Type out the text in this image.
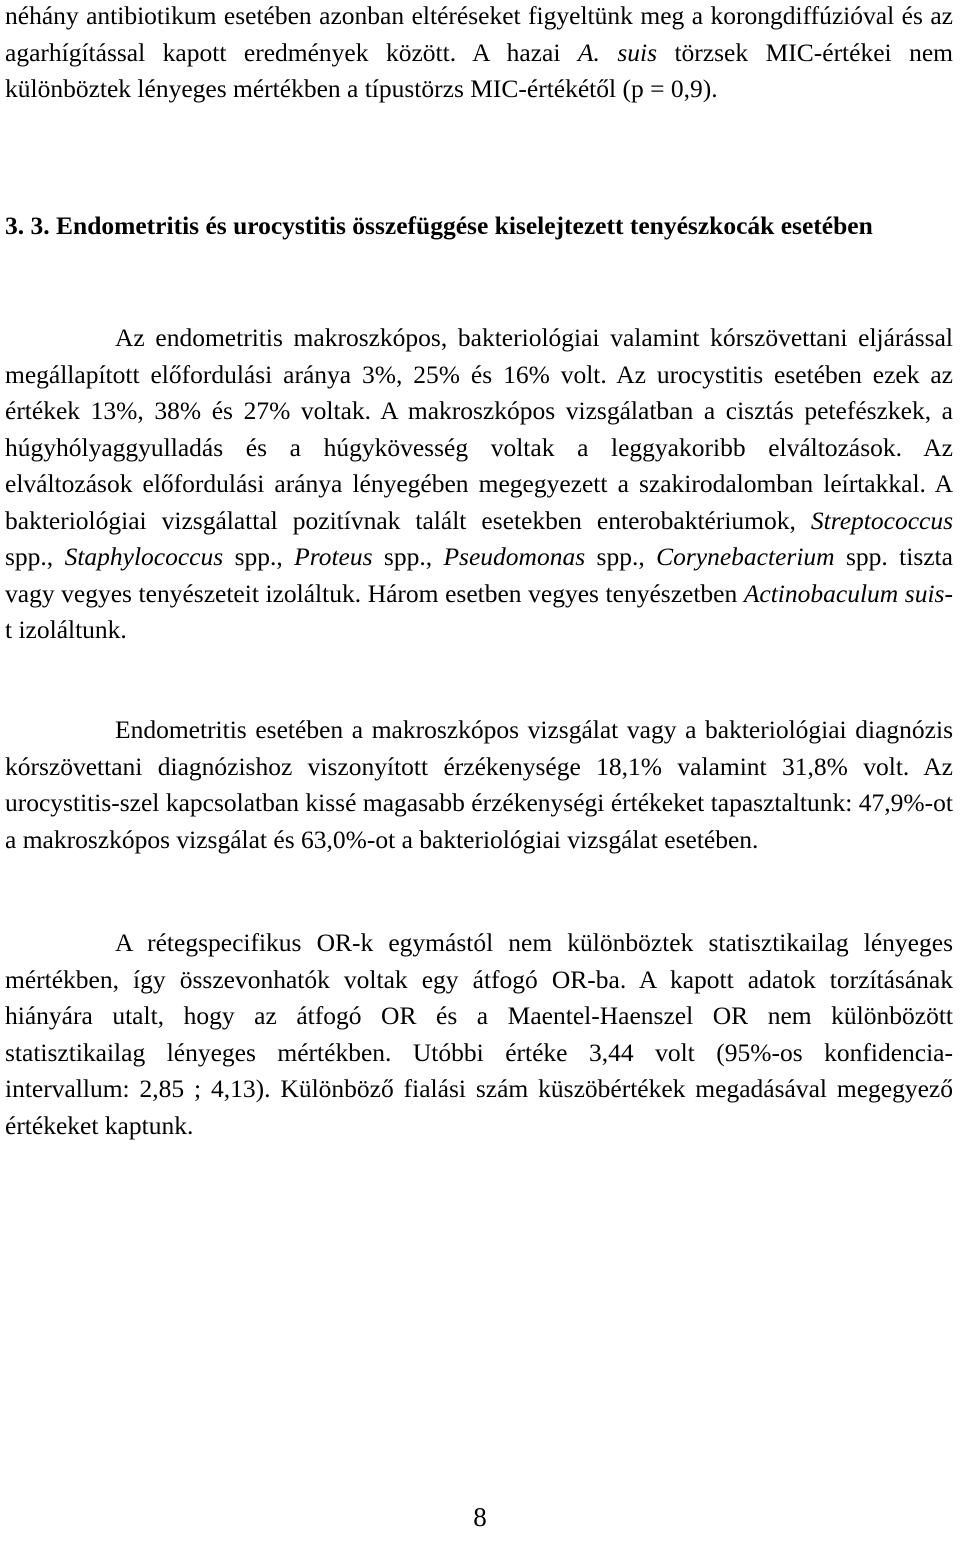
néhány antibiotikum esetében azonban eltéréseket figyeltünk meg a korongdiffúzióval és az agarhígítással kapott eredmények között. A hazai A. suis törzsek MIC-értékei nem különböztek lényeges mértékben a típustörzs MIC-értékétől (p = 0,9).

3. 3. Endometritis és urocystitis összefüggése kiselejtezett tenyészkocák esetében

Az endometritis makroszkópos, bakteriológiai valamint kórszövettani eljárással megállapított előfordulási aránya 3%, 25% és 16% volt. Az urocystitis esetében ezek az értékek 13%, 38% és 27% voltak. A makroszkópos vizsgálatban a cisztás petefészkek, a húgyhólyaggyulladás és a húgykövesség voltak a leggyakoribb elváltozások. Az elváltozások előfordulási aránya lényegében megegyezett a szakirodalomban leírtakkal. A bakteriológiai vizsgálattal pozitívnak talált esetekben enterobaktériumok, Streptococcus spp., Staphylococcus spp., Proteus spp., Pseudomonas spp., Corynebacterium spp. tiszta vagy vegyes tenyészeteit izoláltuk. Három esetben vegyes tenyészetben Actinobaculum suis-t izoláltunk.

Endometritis esetében a makroszkópos vizsgálat vagy a bakteriológiai diagnózis kórszövettani diagnózishoz viszonyított érzékenysége 18,1% valamint 31,8% volt. Az urocystitis-szel kapcsolatban kissé magasabb érzékenységi értékeket tapasztaltunk: 47,9%-ot a makroszkópos vizsgálat és 63,0%-ot a bakteriológiai vizsgálat esetében.

A rétegspecifikus OR-k egymástól nem különböztek statisztikailag lényeges mértékben, így összevonhatók voltak egy átfogó OR-ba. A kapott adatok torzításának hiányára utalt, hogy az átfogó OR és a Maentel-Haenszel OR nem különbözött statisztikailag lényeges mértékben. Utóbbi értéke 3,44 volt (95%-os konfidencia-intervallum: 2,85 ; 4,13). Különböző fialási szám küszöbértékek megadásával megegyező értékeket kaptunk.

8
